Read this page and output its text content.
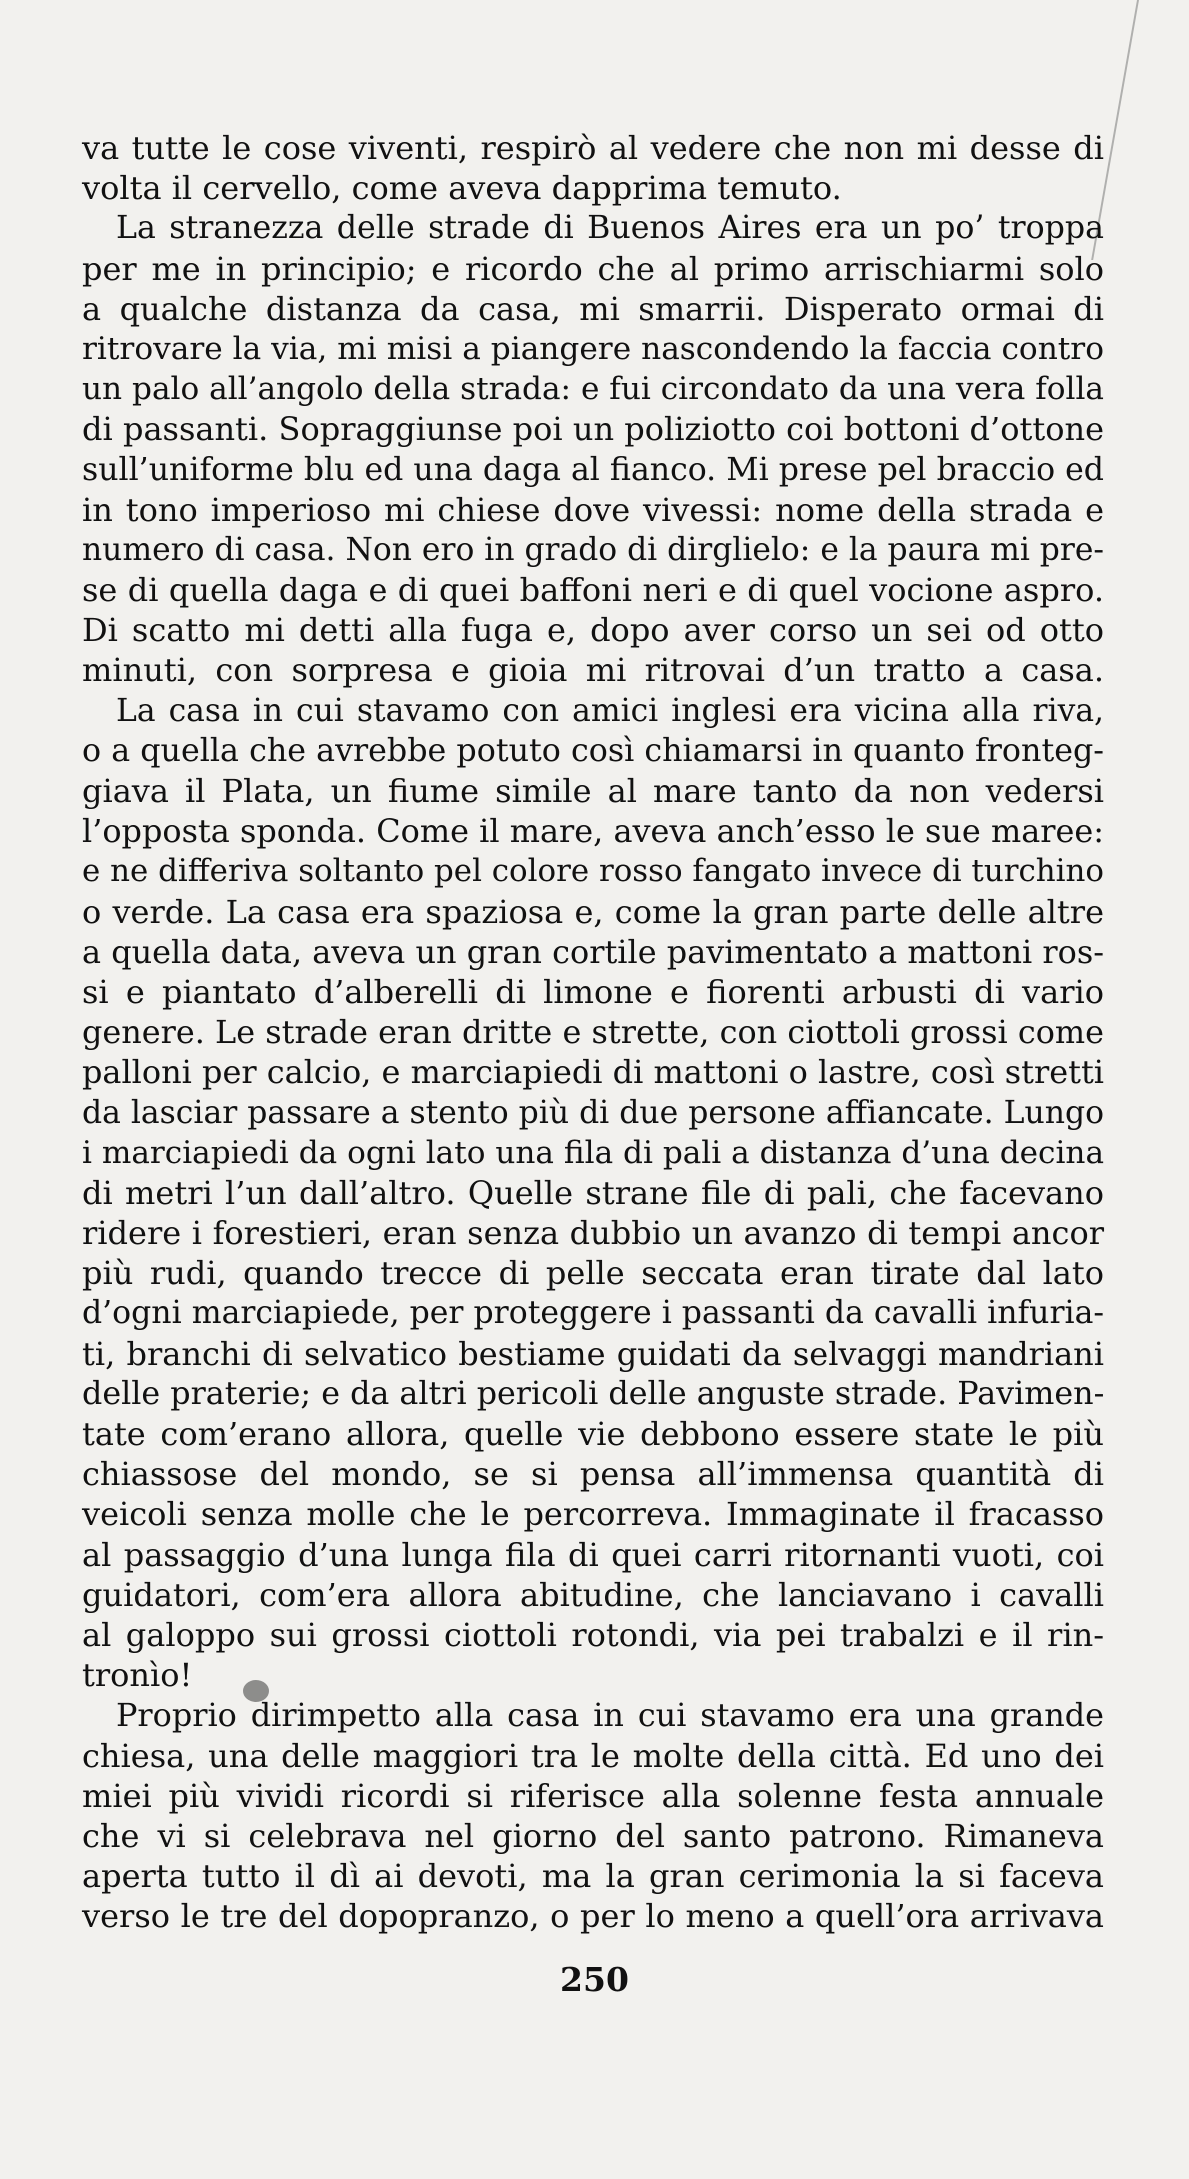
va tutte le cose viventi, respirò al vedere che non mi desse di
volta il cervello, come aveva dapprima temuto.
La stranezza delle strade di Buenos Aires era un po’ troppa
per me in principio; e ricordo che al primo arrischiarmi solo
a qualche distanza da casa, mi smarrii. Disperato ormai di
ritrovare la via, mi misi a piangere nascondendo la faccia contro
un palo all’angolo della strada: e fui circondato da una vera folla
di passanti. Sopraggiunse poi un poliziotto coi bottoni d’ottone
sull’uniforme blu ed una daga al fianco. Mi prese pel braccio ed
in tono imperioso mi chiese dove vivessi: nome della strada e
numero di casa. Non ero in grado di dirglielo: e la paura mi pre-
se di quella daga e di quei baffoni neri e di quel vocione aspro.
Di scatto mi detti alla fuga e, dopo aver corso un sei od otto
minuti, con sorpresa e gioia mi ritrovai d’un tratto a casa.
La casa in cui stavamo con amici inglesi era vicina alla riva,
o a quella che avrebbe potuto così chiamarsi in quanto fronteg-
giava il Plata, un fiume simile al mare tanto da non vedersi
l’opposta sponda. Come il mare, aveva anch’esso le sue maree:
e ne differiva soltanto pel colore rosso fangato invece di turchino
o verde. La casa era spaziosa e, come la gran parte delle altre
a quella data, aveva un gran cortile pavimentato a mattoni ros-
si e piantato d’alberelli di limone e fiorenti arbusti di vario
genere. Le strade eran dritte e strette, con ciottoli grossi come
palloni per calcio, e marciapiedi di mattoni o lastre, così stretti
da lasciar passare a stento più di due persone affiancate. Lungo
i marciapiedi da ogni lato una fila di pali a distanza d’una decina
di metri l’un dall’altro. Quelle strane file di pali, che facevano
ridere i forestieri, eran senza dubbio un avanzo di tempi ancor
più rudi, quando trecce di pelle seccata eran tirate dal lato
d’ogni marciapiede, per proteggere i passanti da cavalli infuria-
ti, branchi di selvatico bestiame guidati da selvaggi mandriani
delle praterie; e da altri pericoli delle anguste strade. Pavimen-
tate com’erano allora, quelle vie debbono essere state le più
chiassose del mondo, se si pensa all’immensa quantità di
veicoli senza molle che le percorreva. Immaginate il fracasso
al passaggio d’una lunga fila di quei carri ritornanti vuoti, coi
guidatori, com’era allora abitudine, che lanciavano i cavalli
al galoppo sui grossi ciottoli rotondi, via pei trabalzi e il rin-
tronìo!
Proprio dirimpetto alla casa in cui stavamo era una grande
chiesa, una delle maggiori tra le molte della città. Ed uno dei
miei più vividi ricordi si riferisce alla solenne festa annuale
che vi si celebrava nel giorno del santo patrono. Rimaneva
aperta tutto il dì ai devoti, ma la gran cerimonia la si faceva
verso le tre del dopopranzo, o per lo meno a quell’ora arrivava
250
